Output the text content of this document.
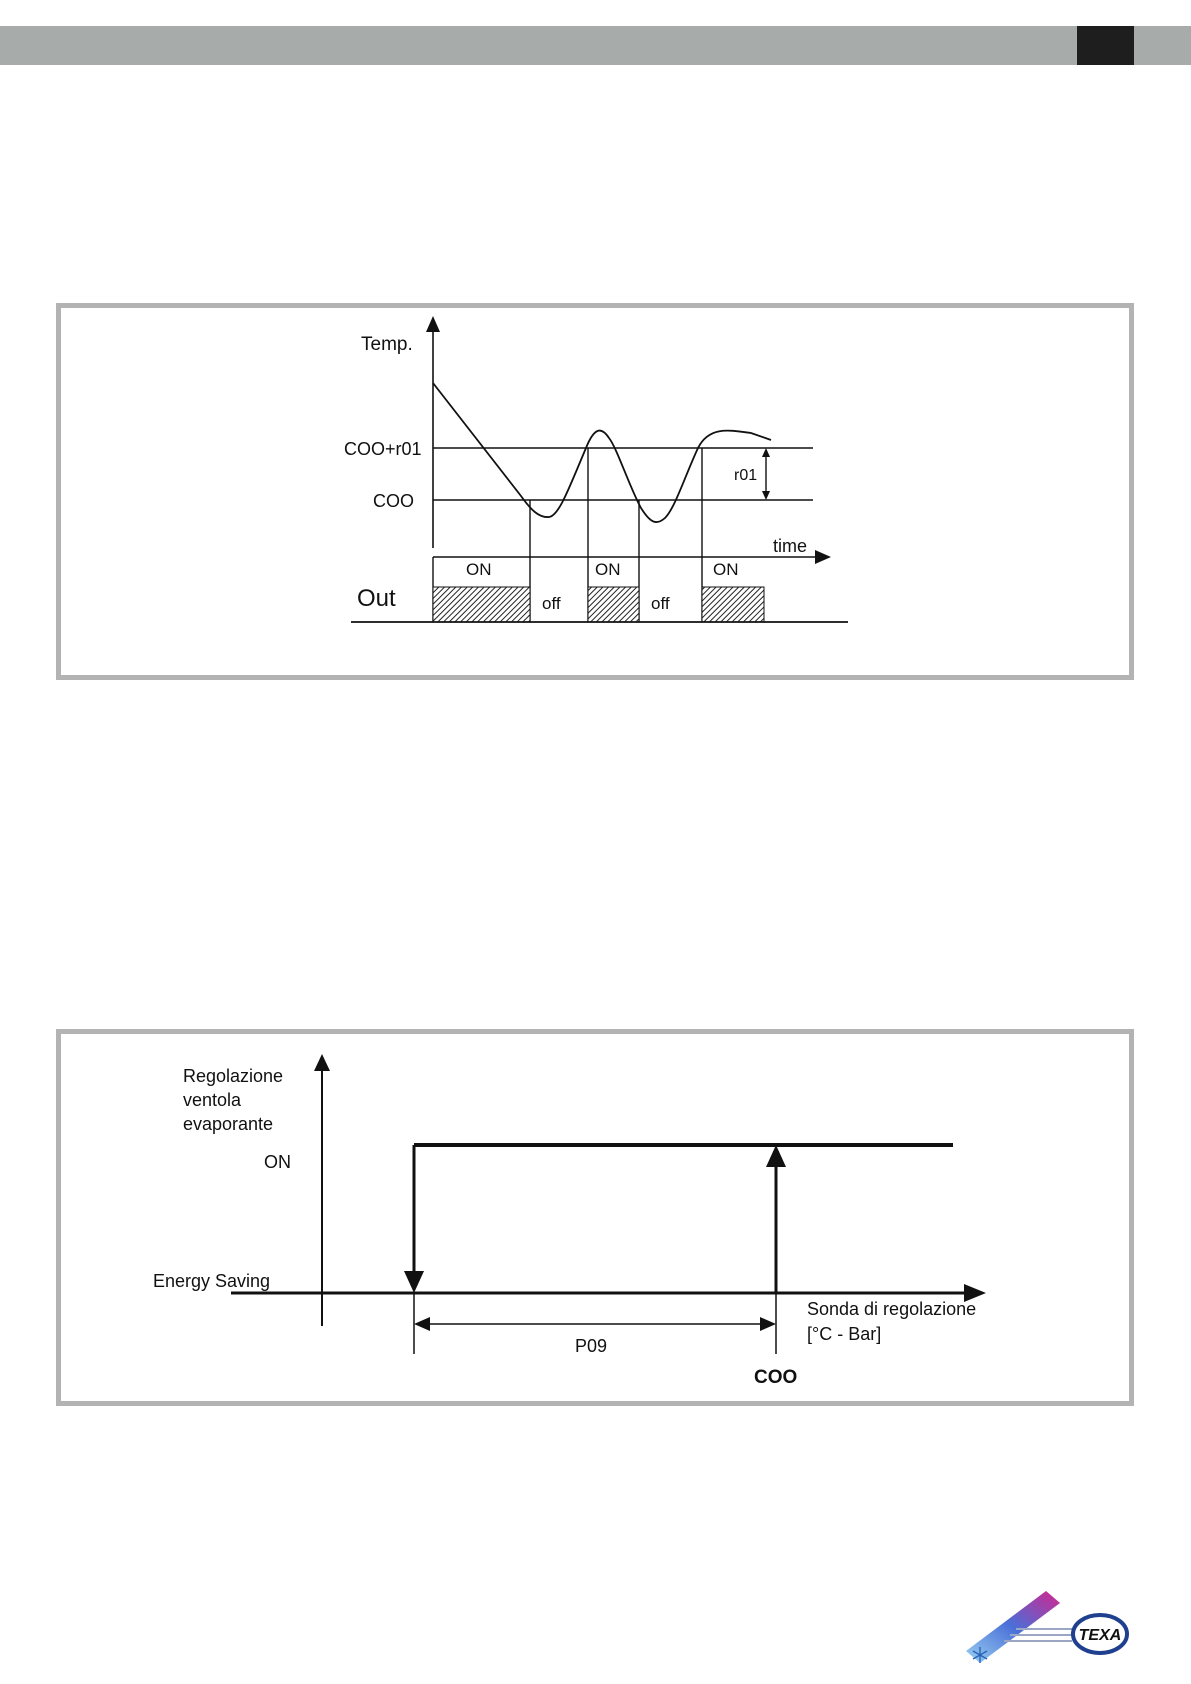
Temp.
COO+r01
COO
r01
time
Out
ON
off
ON
off
ON
Regolazione ventola evaporante
ON
Energy Saving
Sonda di regolazione [°C - Bar]
P09
COO
TEXA
